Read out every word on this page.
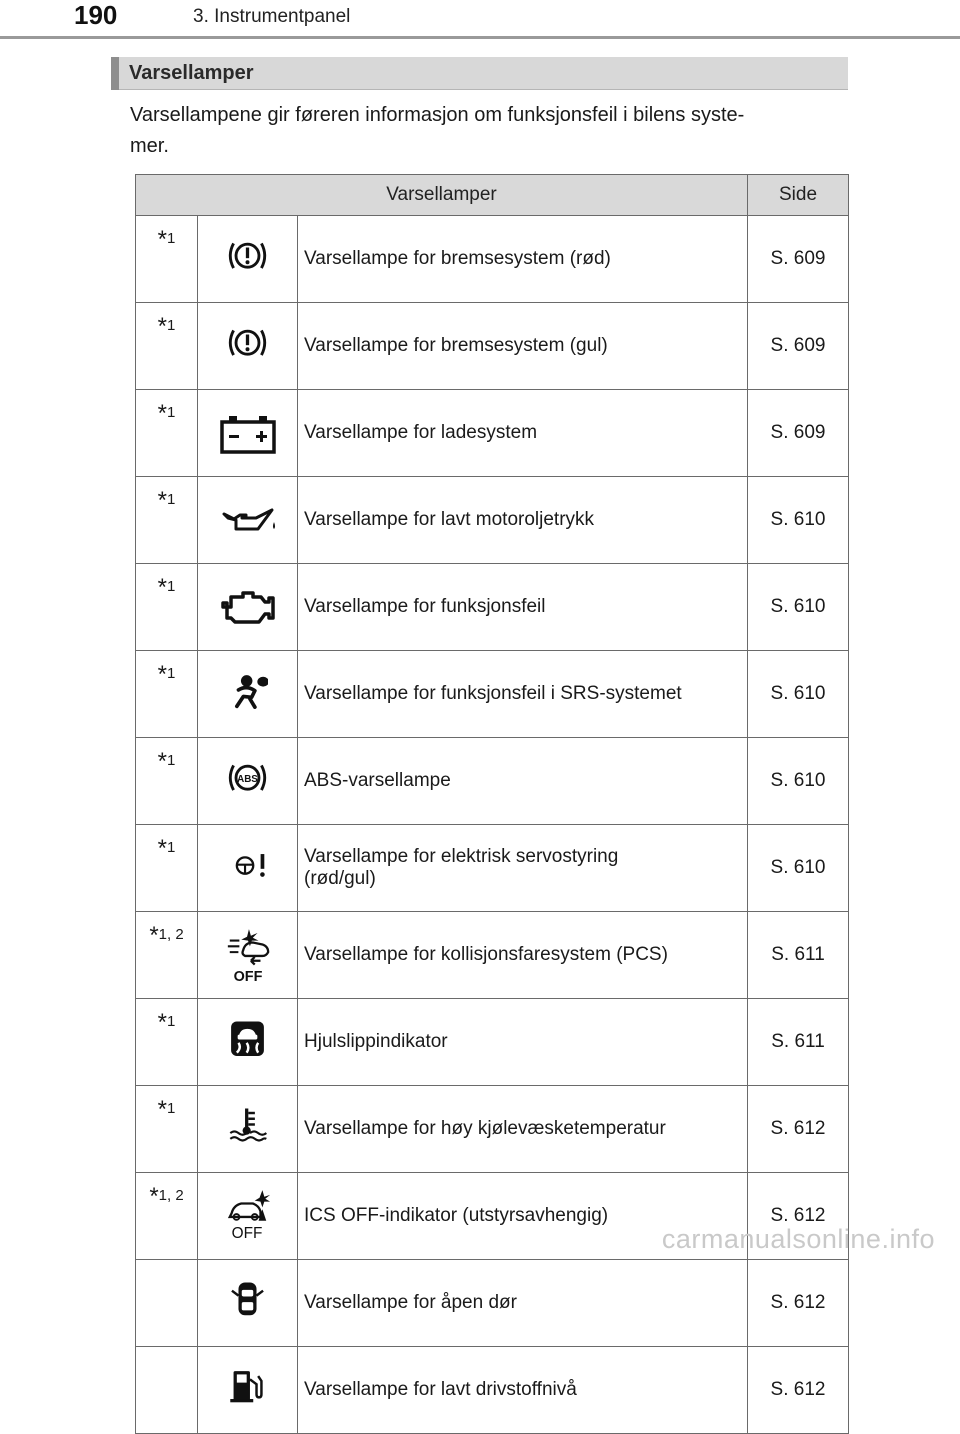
190	3. Instrumentpanel
Varsellamper
Varsellampene gir føreren informasjon om funksjonsfeil i bilens syste-
mer.
Varsellamper			Side
*1		Varsellampe for bremsesystem (rød)	S. 609
*1		Varsellampe for bremsesystem (gul)	S. 609
*1		Varsellampe for ladesystem	S. 609
*1		Varsellampe for lavt motoroljetrykk	S. 610
*1		Varsellampe for funksjonsfeil	S. 610
*1		Varsellampe for funksjonsfeil i SRS-systemet	S. 610
*1	ABS	ABS-varsellampe	S. 610
*1		Varsellampe for elektrisk servostyring
(rød/gul)	S. 610
*1, 2	OFF	Varsellampe for kollisjonsfaresystem (PCS)	S. 611
*1		Hjulslippindikator	S. 611
*1		Varsellampe for høy kjølevæsketemperatur	S. 612
*1, 2	OFF	ICS OFF-indikator (utstyrsavhengig)	S. 612

	Varsellampe for åpen dør	S. 612

	Varsellampe for lavt drivstoffnivå	S. 612
carmanualsonline.info
